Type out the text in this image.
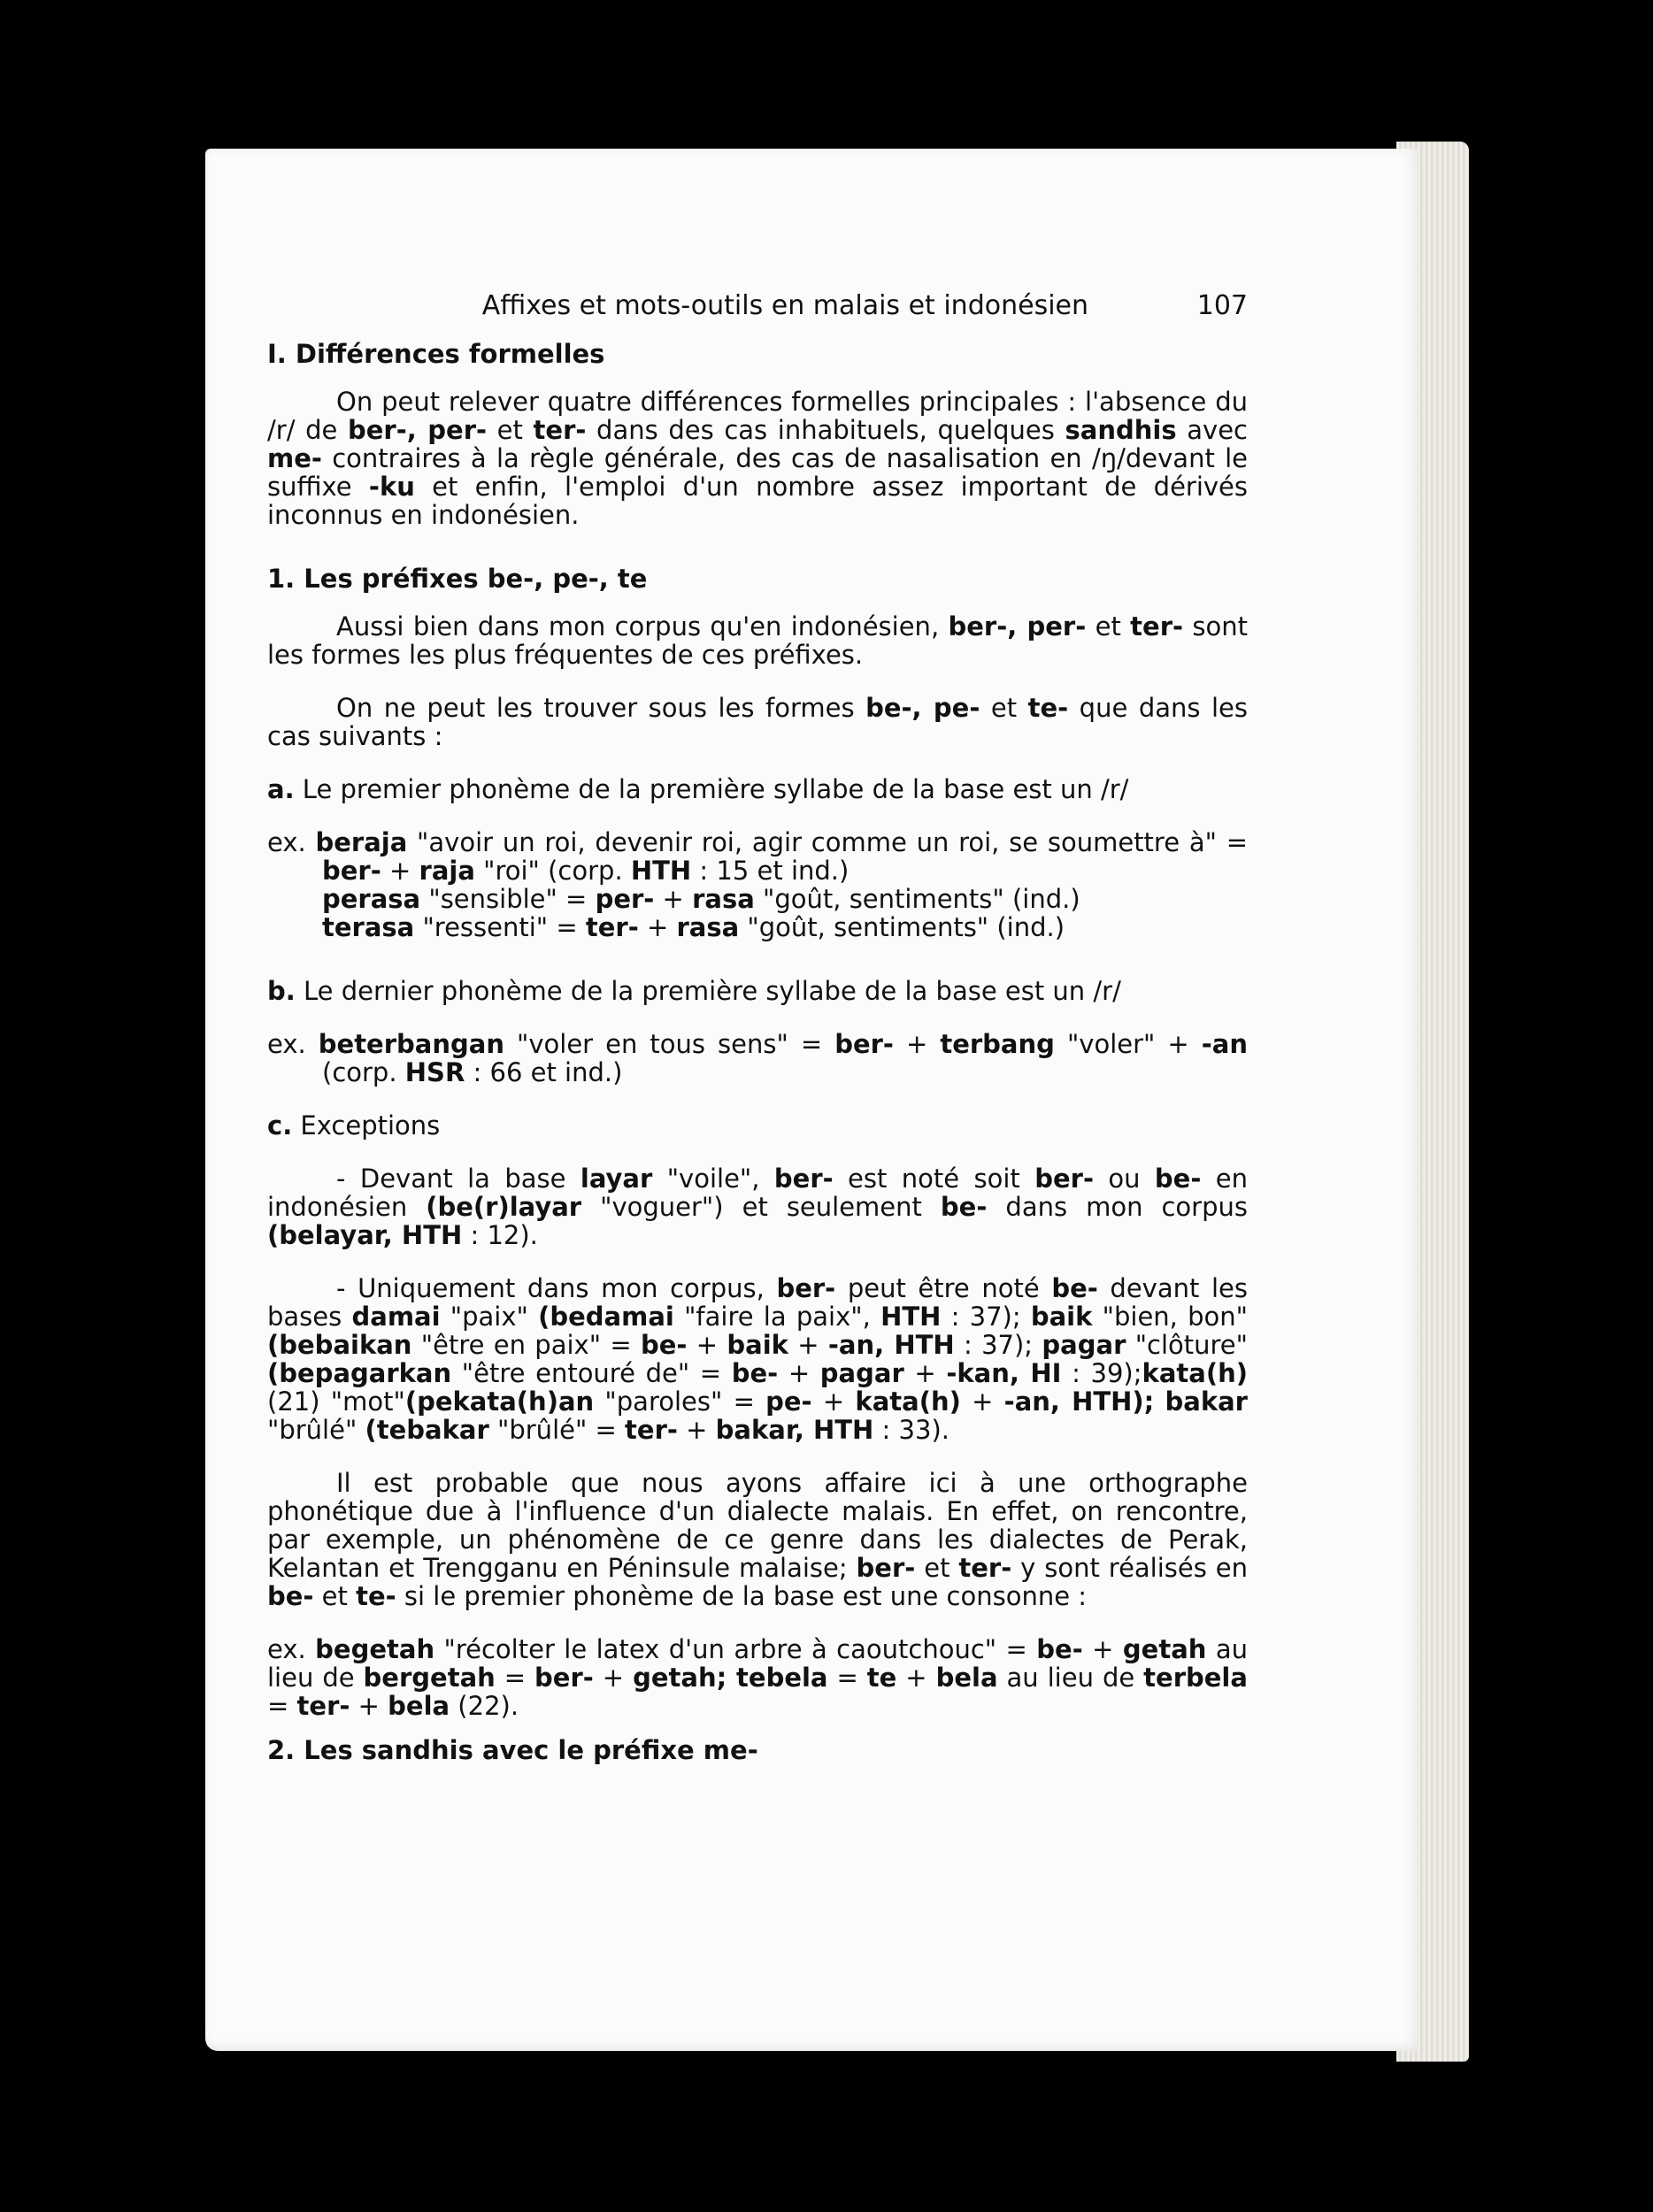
Affixes et mots-outils en malais et indonésien	107
I. Différences formelles

On peut relever quatre différences formelles principales : l'absence du /r/ de ber-, per- et ter- dans des cas inhabituels, quelques sandhis avec me- contraires à la règle générale, des cas de nasalisation en /ŋ/devant le suffixe -ku et enfin, l'emploi d'un nombre assez important de dérivés inconnus en indonésien.

1. Les préfixes be-, pe-, te

Aussi bien dans mon corpus qu'en indonésien, ber-, per- et ter- sont les formes les plus fréquentes de ces préfixes.

On ne peut les trouver sous les formes be-, pe- et te- que dans les cas suivants :

a. Le premier phonème de la première syllabe de la base est un /r/

ex. beraja "avoir un roi, devenir roi, agir comme un roi, se soumettre à" = ber- + raja "roi" (corp. HTH : 15 et ind.)
perasa "sensible" = per- + rasa "goût, sentiments" (ind.)
terasa "ressenti" = ter- + rasa "goût, sentiments" (ind.)

b. Le dernier phonème de la première syllabe de la base est un /r/

ex. beterbangan "voler en tous sens" = ber- + terbang "voler" + -an (corp. HSR : 66 et ind.)

c. Exceptions

- Devant la base layar "voile", ber- est noté soit ber- ou be- en indonésien (be(r)layar "voguer") et seulement be- dans mon corpus (belayar, HTH : 12).

- Uniquement dans mon corpus, ber- peut être noté be- devant les bases damai "paix" (bedamai "faire la paix", HTH : 37); baik "bien, bon" (bebaikan "être en paix" = be- + baik + -an, HTH : 37); pagar "clôture" (bepagarkan "être entouré de" = be- + pagar + -kan, HI : 39);kata(h) (21) "mot"(pekata(h)an "paroles" = pe- + kata(h) + -an, HTH); bakar "brûlé" (tebakar "brûlé" = ter- + bakar, HTH : 33).

Il est probable que nous ayons affaire ici à une orthographe phonétique due à l'influence d'un dialecte malais. En effet, on rencontre, par exemple, un phénomène de ce genre dans les dialectes de Perak, Kelantan et Trengganu en Péninsule malaise; ber- et ter- y sont réalisés en be- et te- si le premier phonème de la base est une consonne :

ex. begetah "récolter le latex d'un arbre à caoutchouc" = be- + getah au lieu de bergetah = ber- + getah; tebela = te + bela au lieu de terbela = ter- + bela (22).

2. Les sandhis avec le préfixe me-
